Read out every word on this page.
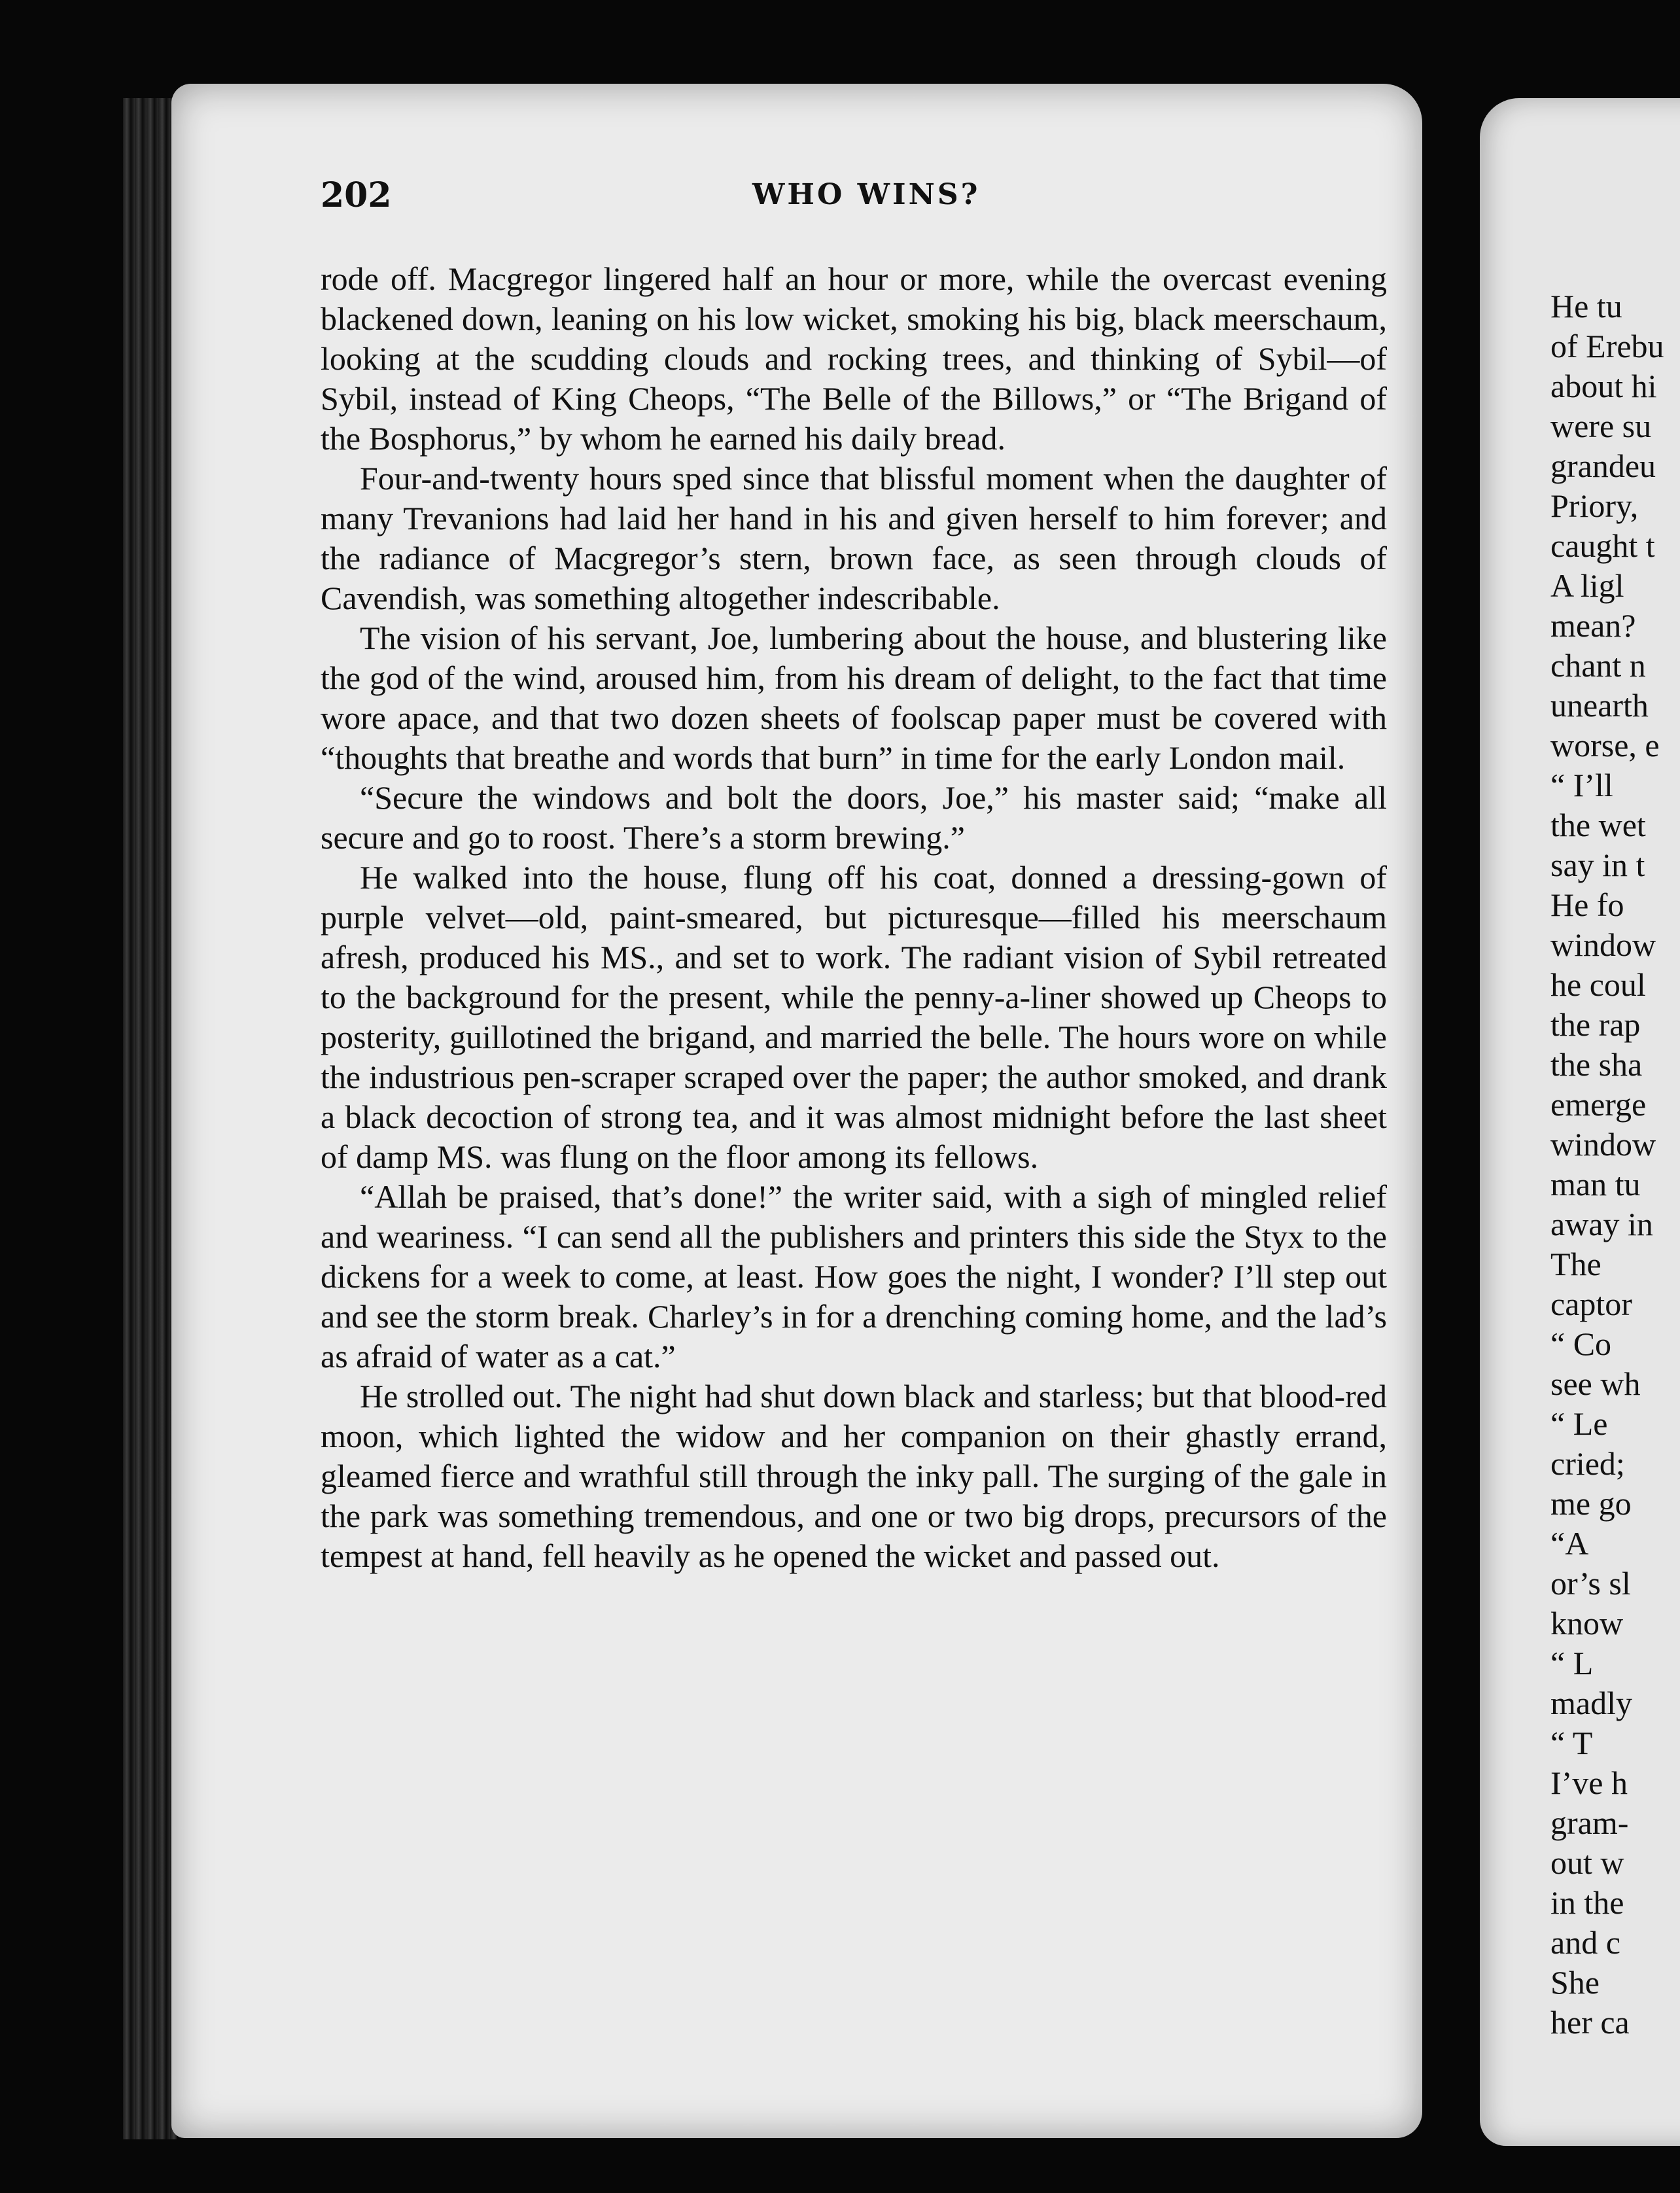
202	WHO WINS?

rode off. Macgregor lingered half an hour or more, while the overcast evening blackened down, leaning on his low wicket, smoking his big, black meerschaum, looking at the scudding clouds and rocking trees, and thinking of Sybil—of Sybil, instead of King Cheops, “The Belle of the Billows,” or “The Brigand of the Bosphorus,” by whom he earned his daily bread.

Four-and-twenty hours sped since that blissful moment when the daughter of many Trevanions had laid her hand in his and given herself to him forever; and the radiance of Macgregor’s stern, brown face, as seen through clouds of Cavendish, was something altogether indescribable.

The vision of his servant, Joe, lumbering about the house, and blustering like the god of the wind, aroused him, from his dream of delight, to the fact that time wore apace, and that two dozen sheets of foolscap paper must be covered with “thoughts that breathe and words that burn” in time for the early London mail.

“Secure the windows and bolt the doors, Joe,” his master said; “make all secure and go to roost. There’s a storm brewing.”

He walked into the house, flung off his coat, donned a dressing-gown of purple velvet—old, paint-smeared, but picturesque—filled his meerschaum afresh, produced his MS., and set to work. The radiant vision of Sybil retreated to the background for the present, while the penny-a-liner showed up Cheops to posterity, guillotined the brigand, and married the belle. The hours wore on while the industrious pen-scraper scraped over the paper; the author smoked, and drank a black decoction of strong tea, and it was almost midnight before the last sheet of damp MS. was flung on the floor among its fellows.

“Allah be praised, that’s done!” the writer said, with a sigh of mingled relief and weariness. “I can send all the publishers and printers this side the Styx to the dickens for a week to come, at least. How goes the night, I wonder? I’ll step out and see the storm break. Charley’s in for a drenching coming home, and the lad’s as afraid of water as a cat.”

He strolled out. The night had shut down black and starless; but that blood-red moon, which lighted the widow and her companion on their ghastly errand, gleamed fierce and wrathful still through the inky pall. The surging of the gale in the park was something tremendous, and one or two big drops, precursors of the tempest at hand, fell heavily as he opened the wicket and passed out.

He tu
of Erebu
about hi
were su
grandeu
Priory,
caught t
A ligl
mean?
chant n
unearth
worse, e
“ I’ll
the wet
say in t
He fo
window
he coul
the rap
the sha
emerge
window
man tu
away in
The
captor
“ Co
see wh
“ Le
cried;
me go
“A
or’s sl
know
“ L
madly
“ T
I’ve h
gram-
out w
in the
and c
She
her ca
